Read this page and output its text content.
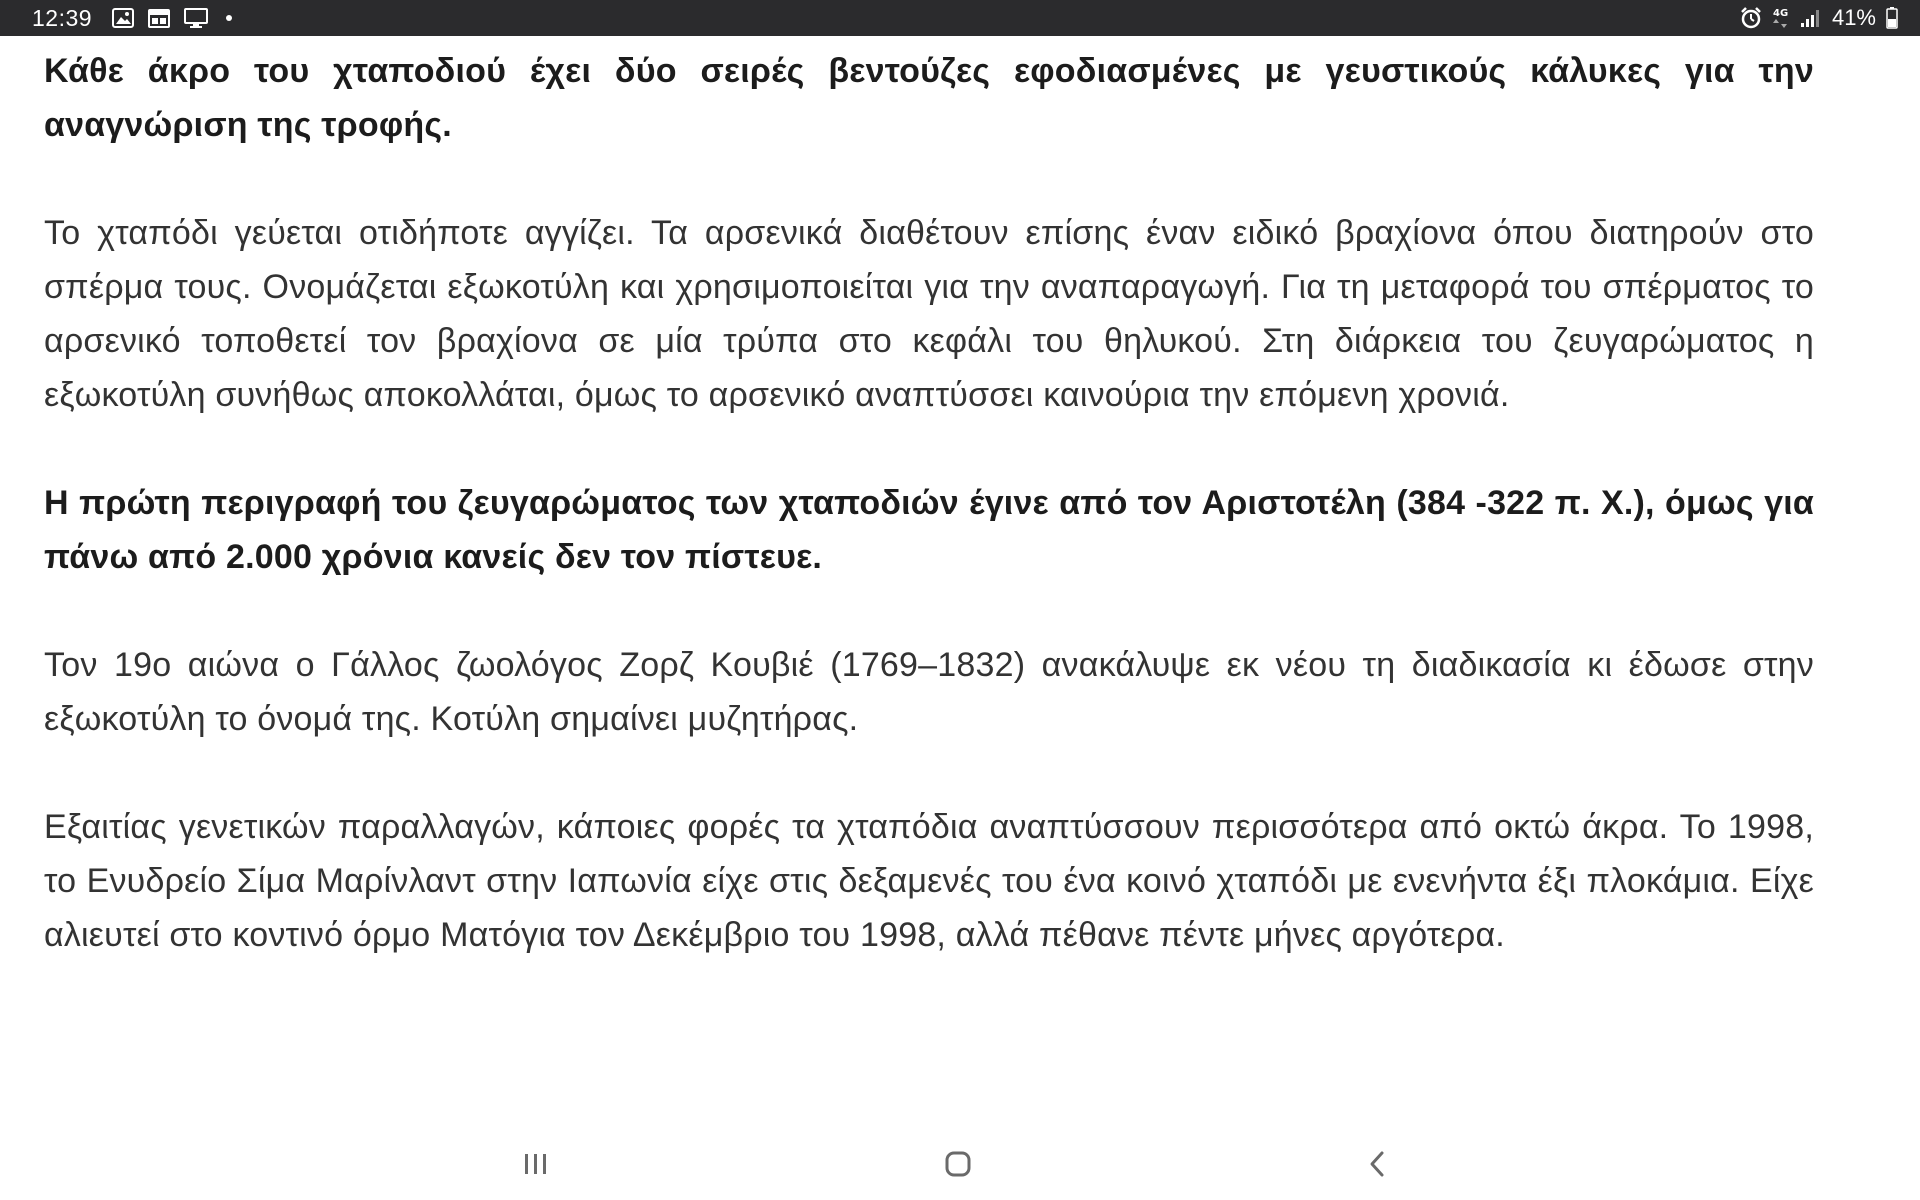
12:39	4G 41%

Κάθε άκρο του χταποδιού έχει δύο σειρές βεντούζες εφοδιασμένες με γευστικούς κάλυκες για την αναγνώριση της τροφής.

Το χταπόδι γεύεται οτιδήποτε αγγίζει. Τα αρσενικά διαθέτουν επίσης έναν ειδικό βραχίονα όπου διατηρούν στο σπέρμα τους. Ονομάζεται εξωκοτύλη και χρησιμοποιείται για την αναπαραγωγή. Για τη μεταφορά του σπέρματος το αρσενικό τοποθετεί τον βραχίονα σε μία τρύπα στο κεφάλι του θηλυκού. Στη διάρκεια του ζευγαρώματος η εξωκοτύλη συνήθως αποκολλάται, όμως το αρσενικό αναπτύσσει καινούρια την επόμενη χρονιά.

Η πρώτη περιγραφή του ζευγαρώματος των χταποδιών έγινε από τον Αριστοτέλη (384 -322 π. Χ.), όμως για πάνω από 2.000 χρόνια κανείς δεν τον πίστευε.

Τον 19ο αιώνα ο Γάλλος ζωολόγος Ζορζ Κουβιέ (1769–1832) ανακάλυψε εκ νέου τη διαδικασία κι έδωσε στην εξωκοτύλη το όνομά της. Κοτύλη σημαίνει μυζητήρας.

Εξαιτίας γενετικών παραλλαγών, κάποιες φορές τα χταπόδια αναπτύσσουν περισσότερα από οκτώ άκρα. Το 1998, το Ενυδρείο Σίμα Μαρίνλαντ στην Ιαπωνία είχε στις δεξαμενές του ένα κοινό χταπόδι με ενενήντα έξι πλοκάμια. Είχε αλιευτεί στο κοντινό όρμο Ματόγια τον Δεκέμβριο του 1998, αλλά πέθανε πέντε μήνες αργότερα.
